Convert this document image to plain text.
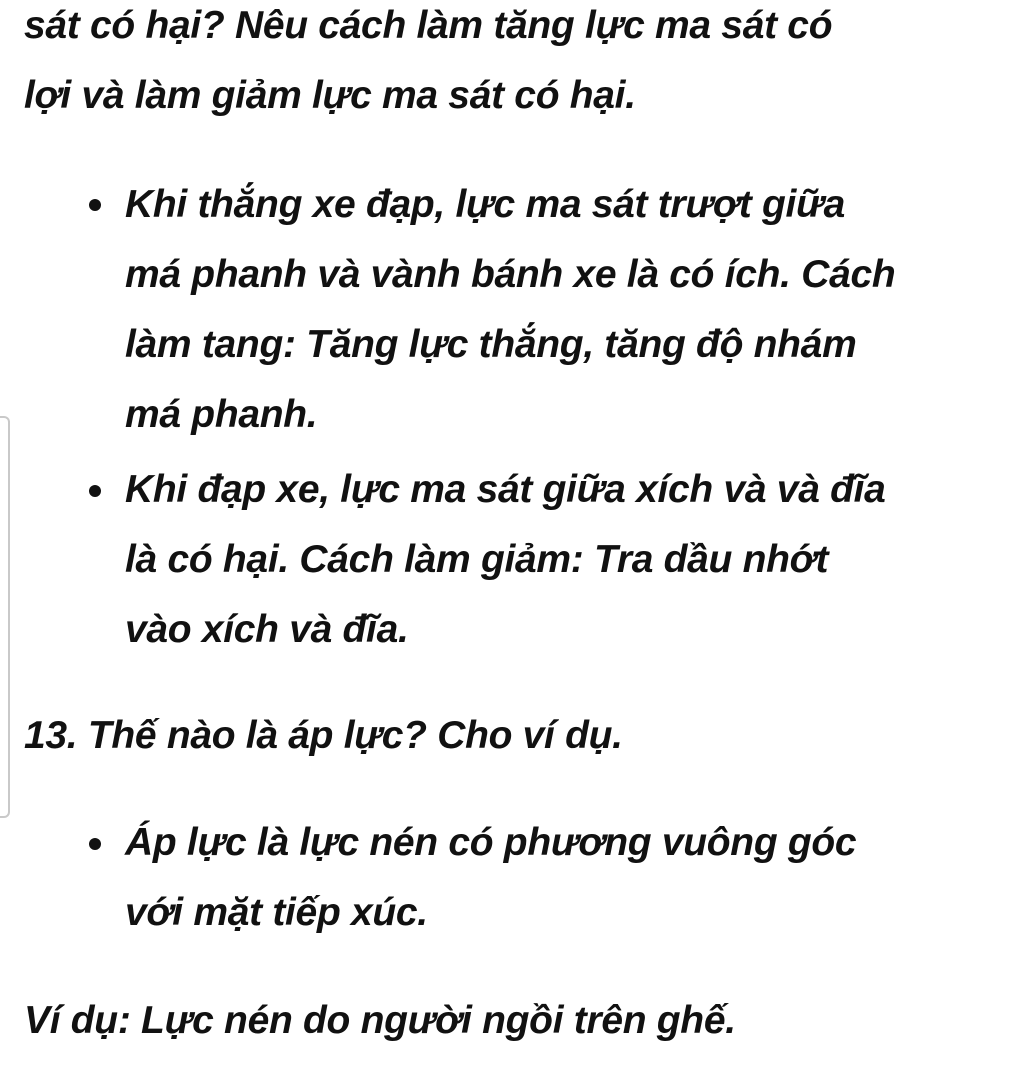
sát có hại? Nêu cách làm tăng lực ma sát có
lợi và làm giảm lực ma sát có hại.
Khi thắng xe đạp, lực ma sát trượt giữa
má phanh và vành bánh xe là có ích. Cách
làm tang: Tăng lực thắng, tăng độ nhám
má phanh.
Khi đạp xe, lực ma sát giữa xích và và đĩa
là có hại. Cách làm giảm: Tra dầu nhớt
vào xích và đĩa.
13. Thế nào là áp lực? Cho ví dụ.
Áp lực là lực nén có phương vuông góc
với mặt tiếp xúc.
Ví dụ: Lực nén do người ngồi trên ghế.
